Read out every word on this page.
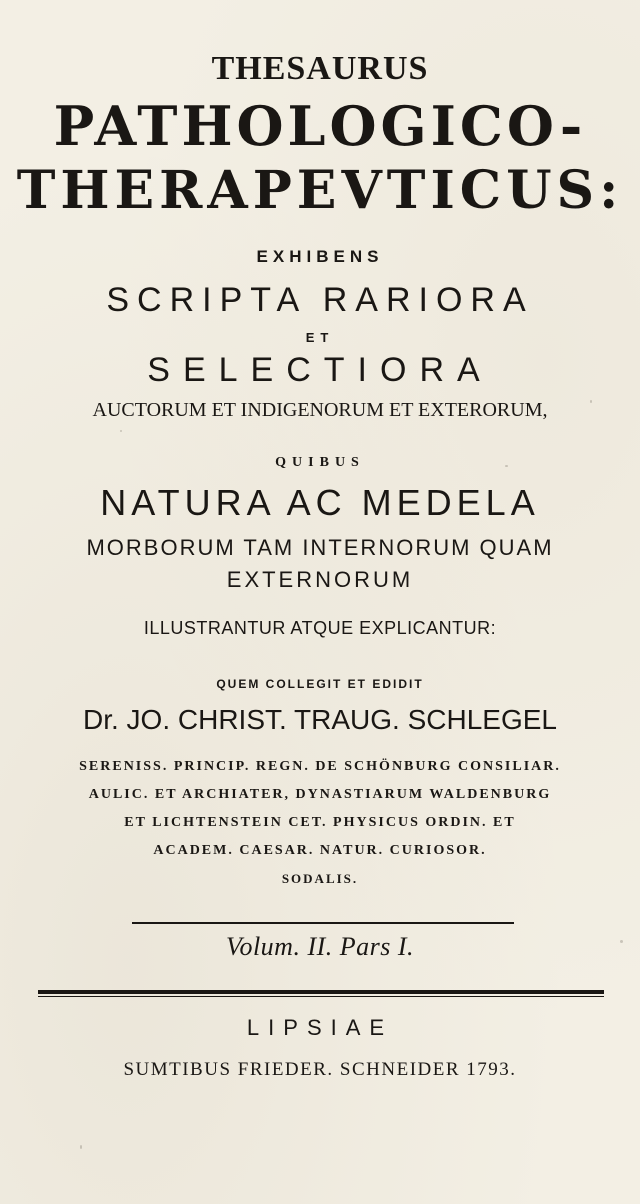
THESAURUS
PATHOLOGICO-
THERAPEVTICUS:
EXHIBENS
SCRIPTA RARIORA
ET
SELECTIORA
AUCTORUM ET INDIGENORUM ET EXTERORUM,
QUIBUS
NATURA AC MEDELA
MORBORUM TAM INTERNORUM QUAM
EXTERNORUM
ILLUSTRANTUR ATQUE EXPLICANTUR:
QUEM COLLEGIT ET EDIDIT
Dr. JO. CHRIST. TRAUG. SCHLEGEL
SERENISS. PRINCIP. REGN. DE SCHÖNBURG CONSILIAR.
AULIC. ET ARCHIATER, DYNASTIARUM WALDENBURG
ET LICHTENSTEIN CET. PHYSICUS ORDIN. ET
ACADEM. CAESAR. NATUR. CURIOSOR.
SODALIS.
Volum. II. Pars I.
LIPSIAE
SUMTIBUS FRIEDER. SCHNEIDER 1793.
